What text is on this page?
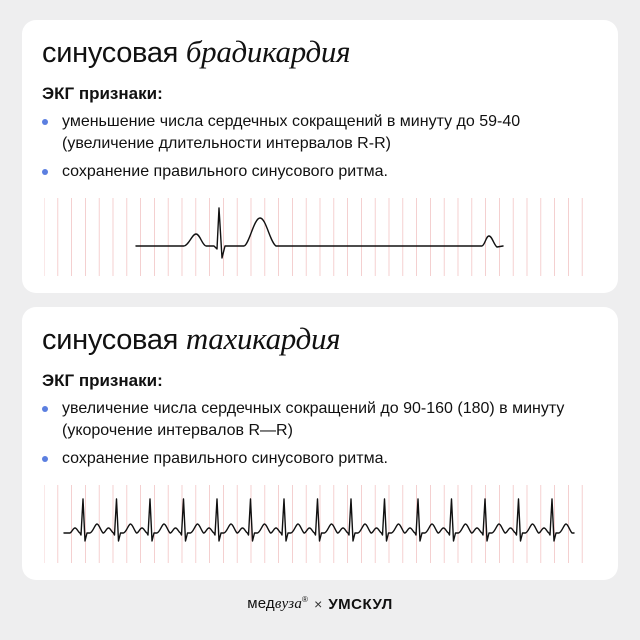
синусовая брадикардия
ЭКГ признаки:
уменьшение числа сердечных сокращений в минуту до 59-40 (увеличение длительности интервалов R-R)
сохранение правильного синусового ритма.
синусовая тахикардия
ЭКГ признаки:
увеличение числа сердечных сокращений до 90-160 (180) в минуту (укорочение интервалов R—R)
сохранение правильного синусового ритма.
медвуза® × УМСКУЛ
